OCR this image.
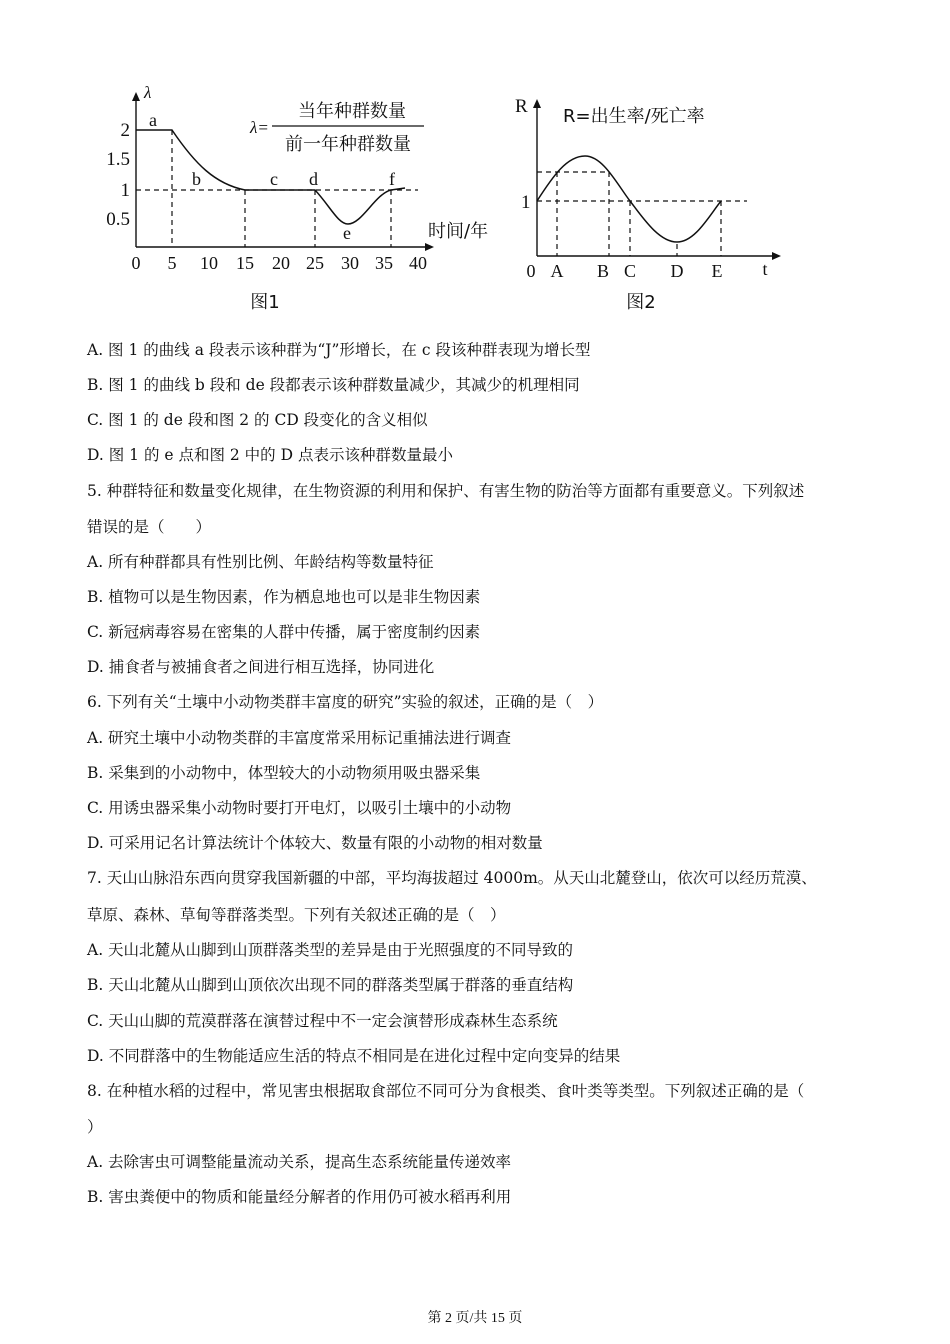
λ
2
1.5
1
0.5
0 5 10 15 20 25 30 35 40
a
b	c d
e
f
λ=
当年种群数量
前一年种群数量
时间/年
图1
R R=出生率/死亡率
1
0 A B C D E t
图2
A. 图 1 的曲线 a 段表示该种群为“J”形增长，在 c 段该种群表现为增长型
B. 图 1 的曲线 b 段和 de 段都表示该种群数量减少，其减少的机理相同
C. 图 1 的 de 段和图 2 的 CD 段变化的含义相似
D. 图 1 的 e 点和图 2 中的 D 点表示该种群数量最小
5. 种群特征和数量变化规律，在生物资源的利用和保护、有害生物的防治等方面都有重要意义。下列叙述
错误的是（　　）
A. 所有种群都具有性别比例、年龄结构等数量特征
B. 植物可以是生物因素，作为栖息地也可以是非生物因素
C. 新冠病毒容易在密集的人群中传播，属于密度制约因素
D. 捕食者与被捕食者之间进行相互选择，协同进化
6. 下列有关“土壤中小动物类群丰富度的研究”实验的叙述，正确的是（　）
A. 研究土壤中小动物类群的丰富度常采用标记重捕法进行调查
B. 采集到的小动物中，体型较大的小动物须用吸虫器采集
C. 用诱虫器采集小动物时要打开电灯，以吸引土壤中的小动物
D. 可采用记名计算法统计个体较大、数量有限的小动物的相对数量
7. 天山山脉沿东西向贯穿我国新疆的中部，平均海拔超过 4000m。从天山北麓登山，依次可以经历荒漠、
草原、森林、草甸等群落类型。下列有关叙述正确的是（　）
A. 天山北麓从山脚到山顶群落类型的差异是由于光照强度的不同导致的
B. 天山北麓从山脚到山顶依次出现不同的群落类型属于群落的垂直结构
C. 天山山脚的荒漠群落在演替过程中不一定会演替形成森林生态系统
D. 不同群落中的生物能适应生活的特点不相同是在进化过程中定向变异的结果
8. 在种植水稻的过程中，常见害虫根据取食部位不同可分为食根类、食叶类等类型。下列叙述正确的是（
）
A. 去除害虫可调整能量流动关系，提高生态系统能量传递效率
B. 害虫粪便中的物质和能量经分解者的作用仍可被水稻再利用
第 2 页/共 15 页
